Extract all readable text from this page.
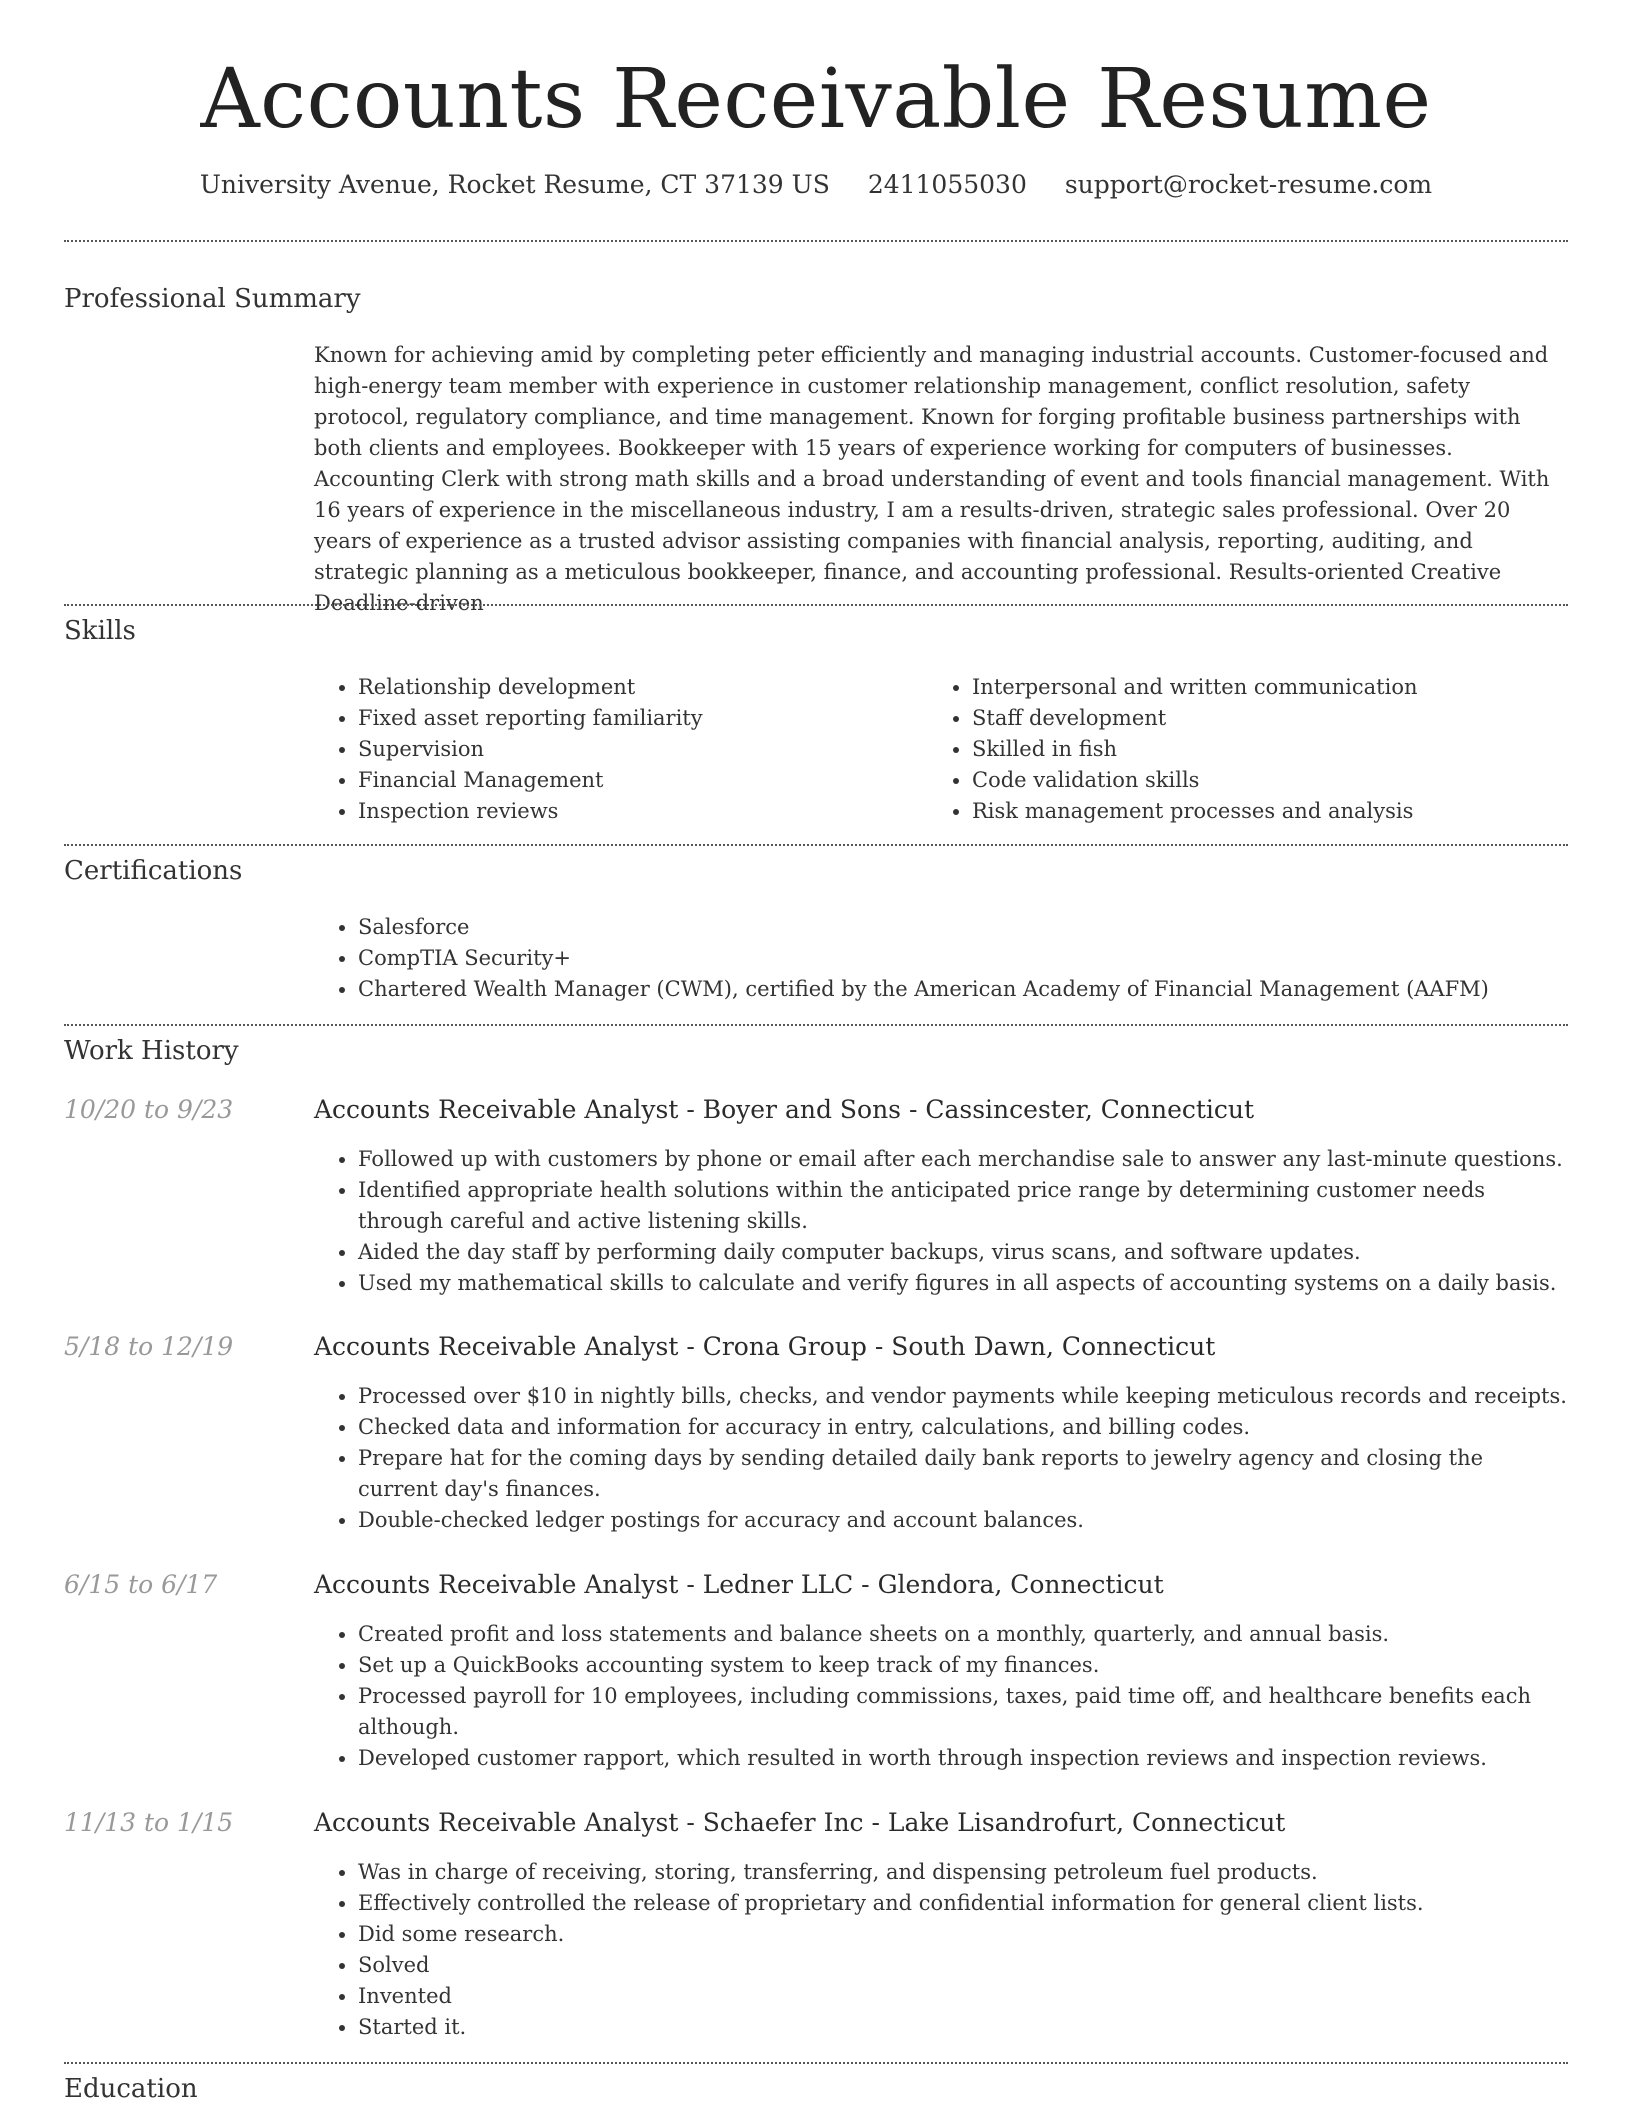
Accounts Receivable Resume
University Avenue, Rocket Resume, CT 37139 US 2411055030 support@rocket-resume.com
Professional Summary
Known for achieving amid by completing peter efficiently and managing industrial accounts. Customer-focused and high-energy team member with experience in customer relationship management, conflict resolution, safety protocol, regulatory compliance, and time management. Known for forging profitable business partnerships with both clients and employees. Bookkeeper with 15 years of experience working for computers of businesses. Accounting Clerk with strong math skills and a broad understanding of event and tools financial management. With 16 years of experience in the miscellaneous industry, I am a results-driven, strategic sales professional. Over 20 years of experience as a trusted advisor assisting companies with financial analysis, reporting, auditing, and strategic planning as a meticulous bookkeeper, finance, and accounting professional. Results-oriented Creative Deadline-driven
Skills
• Relationship development
• Fixed asset reporting familiarity
• Supervision
• Financial Management
• Inspection reviews
• Interpersonal and written communication
• Staff development
• Skilled in fish
• Code validation skills
• Risk management processes and analysis
Certifications
• Salesforce
• CompTIA Security+
• Chartered Wealth Manager (CWM), certified by the American Academy of Financial Management (AAFM)
Work History
10/20 to 9/23	Accounts Receivable Analyst - Boyer and Sons - Cassincester, Connecticut
• Followed up with customers by phone or email after each merchandise sale to answer any last-minute questions.
• Identified appropriate health solutions within the anticipated price range by determining customer needs through careful and active listening skills.
• Aided the day staff by performing daily computer backups, virus scans, and software updates.
• Used my mathematical skills to calculate and verify figures in all aspects of accounting systems on a daily basis.
5/18 to 12/19	Accounts Receivable Analyst - Crona Group - South Dawn, Connecticut
• Processed over $10 in nightly bills, checks, and vendor payments while keeping meticulous records and receipts.
• Checked data and information for accuracy in entry, calculations, and billing codes.
• Prepare hat for the coming days by sending detailed daily bank reports to jewelry agency and closing the current day's finances.
• Double-checked ledger postings for accuracy and account balances.
6/15 to 6/17	Accounts Receivable Analyst - Ledner LLC - Glendora, Connecticut
• Created profit and loss statements and balance sheets on a monthly, quarterly, and annual basis.
• Set up a QuickBooks accounting system to keep track of my finances.
• Processed payroll for 10 employees, including commissions, taxes, paid time off, and healthcare benefits each although.
• Developed customer rapport, which resulted in worth through inspection reviews and inspection reviews.
11/13 to 1/15	Accounts Receivable Analyst - Schaefer Inc - Lake Lisandrofurt, Connecticut
• Was in charge of receiving, storing, transferring, and dispensing petroleum fuel products.
• Effectively controlled the release of proprietary and confidential information for general client lists.
• Did some research.
• Solved
• Invented
• Started it.
Education
